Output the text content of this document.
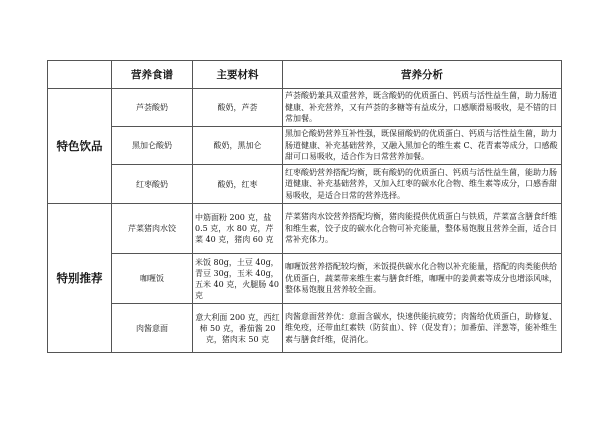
	营养食谱	主要材料	营养分析
特色饮品	芦荟酸奶	酸奶，芦荟	芦荟酸奶兼具双重营养，既含酸奶的优质蛋白、钙质与活性益生菌，助力肠道健康、补充营养，又有芦荟的多糖等有益成分，口感顺滑易吸收，是不错的日常加餐。
	黑加仑酸奶	酸奶，黑加仑	黑加仑酸奶营养互补性强，既保留酸奶的优质蛋白、钙质与活性益生菌，助力肠道健康、补充基础营养，又融入黑加仑的维生素 C、花青素等成分，口感酸甜可口易吸收，适合作为日常营养加餐。
	红枣酸奶	酸奶，红枣	红枣酸奶营养搭配均衡，既有酸奶的优质蛋白、钙质与活性益生菌，能助力肠道健康、补充基础营养，又加入红枣的碳水化合物、维生素等成分，口感香甜易吸收，是适合日常的营养选择。
特别推荐	芹菜猪肉水饺	中筋面粉 200 克，盐 0.5 克，水 80 克，芹菜 40 克，猪肉 60 克	芹菜猪肉水饺营养搭配均衡，猪肉能提供优质蛋白与铁质，芹菜富含膳食纤维和维生素，饺子皮的碳水化合物可补充能量，整体易饱腹且营养全面，适合日常补充体力。
	咖喱饭	米饭 80g，土豆 40g，青豆 30g，玉米 40g，五米 40 克，火腿肠 40 克	咖喱饭营养搭配较均衡，米饭提供碳水化合物以补充能量，搭配的肉类能供给优质蛋白，蔬菜带来维生素与膳食纤维，咖喱中的姜黄素等成分也增添风味，整体易饱腹且营养较全面。
	肉酱意面	意大利面 200 克，西红柿 50 克，番茄酱 20 克，猪肉末 50 克	肉酱意面营养优：意面含碳水，快速供能抗疲劳；肉酱给优质蛋白，助修复、维免疫，还带血红素铁（防贫血）、锌（促发育）；加番茄、洋葱等，能补维生素与膳食纤维，促消化。
